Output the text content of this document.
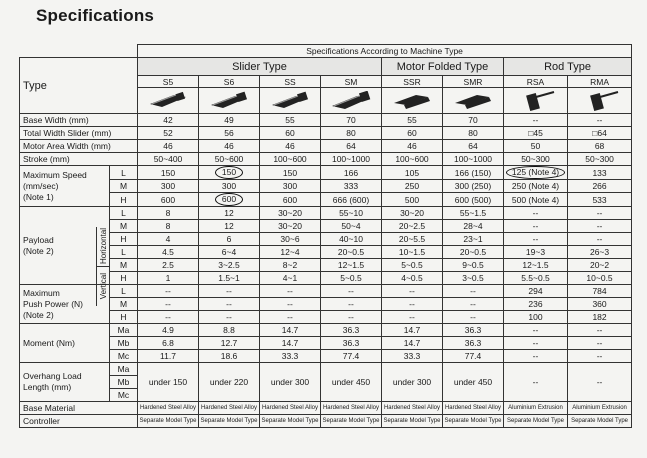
Specifications
		Specifications According to Machine Type							
Type		Slider Type				Motor Folded Type		Rod Type	
		S5	S6	SS	SM	SSR	SMR	RSA	RMA

Base Width (mm)		42	49	55	70	55	70	--	--
Total Width Slider (mm)		52	56	60	80	60	80	□45	□64
Motor Area Width (mm)		46	46	46	64	46	64	50	68
Stroke (mm)		50~400	50~600	100~600	100~1000	100~600	100~1000	50~300	50~300

Maximum Speed
(mm/sec)
(Note 1)	L	150	150	150	166	105	166 (150)	125 (Note 4)	133
	M	300	300	300	333	250	300 (250)	250 (Note 4)	266
	H	600	600	600	666 (600)	500	600 (500)	500 (Note 4)	533

Payload
(Note 2)	L	8	12	30~20	55~10	30~20	55~1.5	--	--
	M	8	12	30~20	50~4	20~2.5	28~4	--	--
	H	4	6	30~6	40~10	20~5.5	23~1	--	--
	L	4.5	6~4	12~4	20~0.5	10~1.5	20~0.5	19~3	26~3
	M	2.5	3~2.5	8~2	12~1.5	5~0.5	9~0.5	12~1.5	20~2
	H	1	1.5~1	4~1	5~0.5	4~0.5	3~0.5	5.5~0.5	10~0.5

Maximum
Push Power (N)
(Note 2)	L	--	--	--	--	--	--	294	784
	M	--	--	--	--	--	--	236	360
	H	--	--	--	--	--	--	100	182
Moment (Nm)	Ma	4.9	8.8	14.7	36.3	14.7	36.3	--	--
	Mb	6.8	12.7	14.7	36.3	14.7	36.3	--	--
	Mc	11.7	18.6	33.3	77.4	33.3	77.4	--	--

Overhang Load
Length (mm)	Ma	under 150	under 220	under 300	under 450	under 300	under 450	--	--
	Mb								
	Mc								
Base Material		Hardened Steel Alloy	Hardened Steel Alloy	Hardened Steel Alloy	Hardened Steel Alloy	Hardened Steel Alloy	Hardened Steel Alloy	Aluminium Extrusion	Aluminium Extrusion
Controller		Separate Model Type	Separate Model Type	Separate Model Type	Separate Model Type	Separate Model Type	Separate Model Type	Separate Model Type	Separate Model Type
Horizontal
Vertical
